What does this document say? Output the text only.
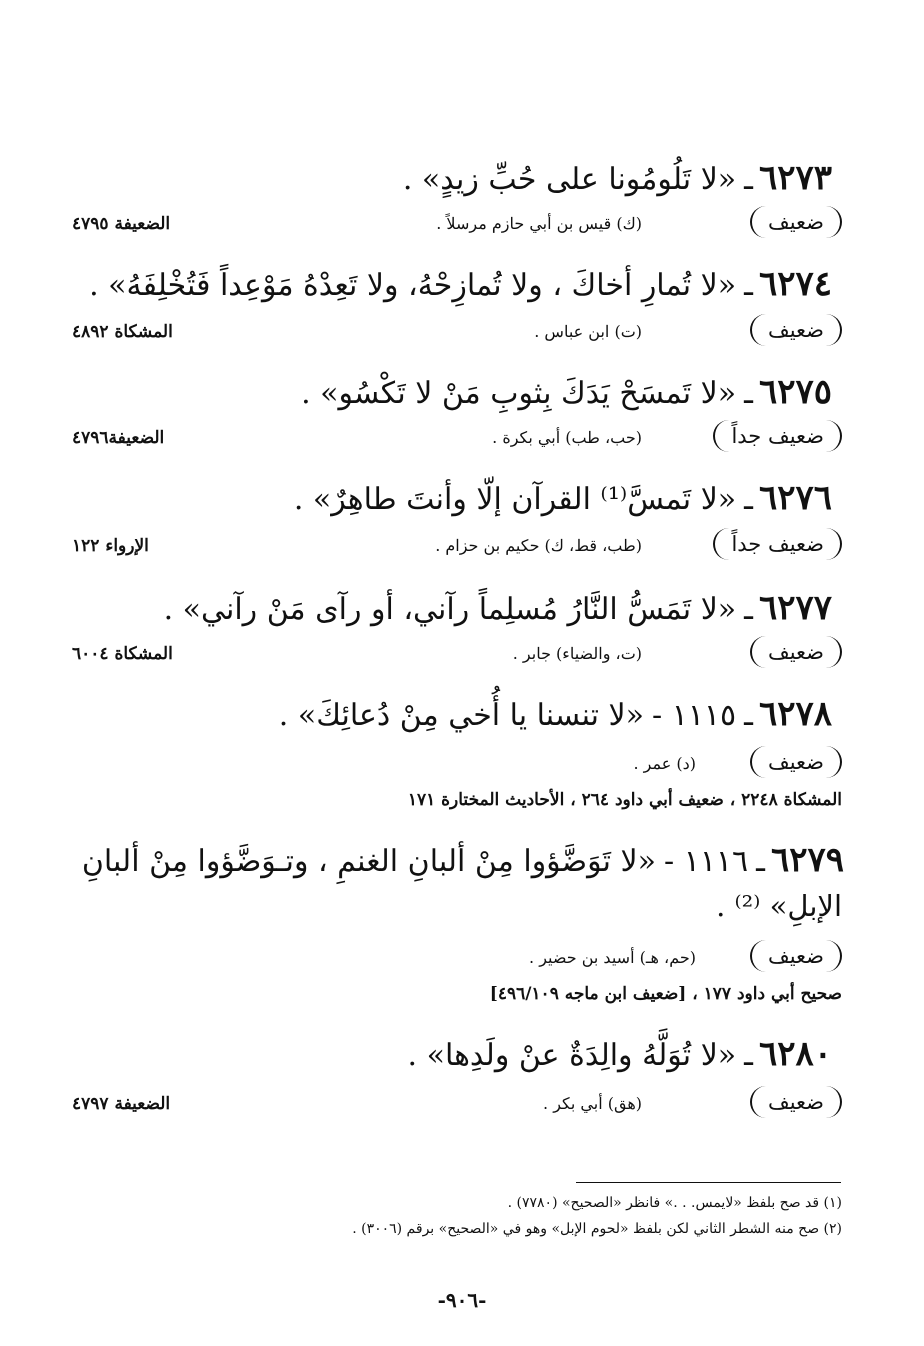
٦٢٧٣ـ«لا تَلُومُونا على حُبِّ زيدٍ» .
ضعيف
(ك) قيس بن أبي حازم مرسلاً .
الضعيفة ٤٧٩٥
٦٢٧٤ـ«لا تُمارِ أخاكَ ، ولا تُمازِحْهُ، ولا تَعِدْهُ مَوْعِداً فَتُخْلِفَهُ» .
ضعيف
(ت) ابن عباس .
المشكاة ٤٨٩٢
٦٢٧٥ـ«لا تَمسَحْ يَدَكَ بِثوبِ مَنْ لا تَكْسُو» .
ضعيف جداً
(حب، طب) أبي بكرة .
الضعيفة٤٧٩٦
٦٢٧٦ـ«لا تَمسَّ⁽¹⁾ القرآن إلّا وأنتَ طاهِرٌ» .
ضعيف جداً
(طب، قط، ك) حكيم بن حزام .
الإرواء ١٢٢
٦٢٧٧ـ«لا تَمَسُّ النَّارُ مُسلِماً رآني، أو رآى مَنْ رآني» .
ضعيف
(ت، والضياء) جابر .
المشكاة ٦٠٠٤
٦٢٧٨ـ١١١٥ -«لا تنسنا يا أُخي مِنْ دُعائِكَ» .
ضعيف
(د) عمر .
المشكاة ٢٢٤٨ ، ضعيف أبي داود ٢٦٤ ، الأحاديث المختارة ١٧١
٦٢٧٩ـ١١١٦ -«لا تَوَضَّؤوا مِنْ ألبانِ الغنمِ ، وتـوَضَّؤوا مِنْ ألبانِ
الإبلِ» ⁽²⁾ .
ضعيف
(حم، هـ) أسيد بن حضير .
صحيح أبي داود ١٧٧ ، [ضعيف ابن ماجه ٤٩٦/١٠٩]
٦٢٨٠ـ«لا تُوَلَّهُ والِدَةٌ عنْ ولَدِها» .
ضعيف
(هق) أبي بكر .
الضعيفة ٤٧٩٧
(١) قد صح بلفظ «لايمس. . .» فانظر «الصحيح» (٧٧٨٠) .
(٢) صح منه الشطر الثاني لكن بلفظ «لحوم الإبل» وهو في «الصحيح» برقم (٣٠٠٦) .
-٩٠٦-
